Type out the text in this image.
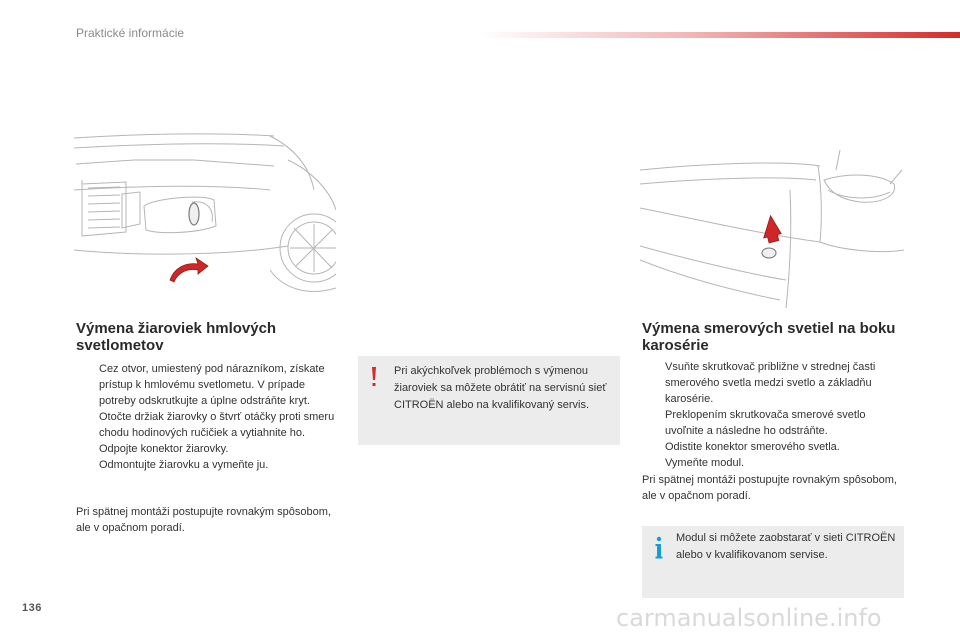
Praktické informácie
Výmena žiaroviek hmlových svetlometov
Cez otvor, umiestený pod nárazníkom, získate prístup k hmlovému svetlometu. V prípade potreby odskrutkujte a úplne odstráňte kryt.
Otočte držiak žiarovky o štvrť otáčky proti smeru chodu hodinových ručičiek a vytiahnite ho.
Odpojte konektor žiarovky.
Odmontujte žiarovku a vymeňte ju.

Pri spätnej montáži postupujte rovnakým spôsobom, ale v opačnom poradí.

Pri akýchkoľvek problémoch s výmenou žiaroviek sa môžete obrátiť na servisnú sieť CITROËN alebo na kvalifikovaný servis.

Výmena smerových svetiel na boku karosérie
Vsuňte skrutkovač približne v strednej časti smerového svetla medzi svetlo a základňu karosérie.
Preklopením skrutkovača smerové svetlo uvoľnite a následne ho odstráňte.
Odistite konektor smerového svetla.
Vymeňte modul.

Pri spätnej montáži postupujte rovnakým spôsobom, ale v opačnom poradí.

Modul si môžete zaobstarať v sieti CITROËN alebo v kvalifikovanom servise.

136	carmanualsonline.info
